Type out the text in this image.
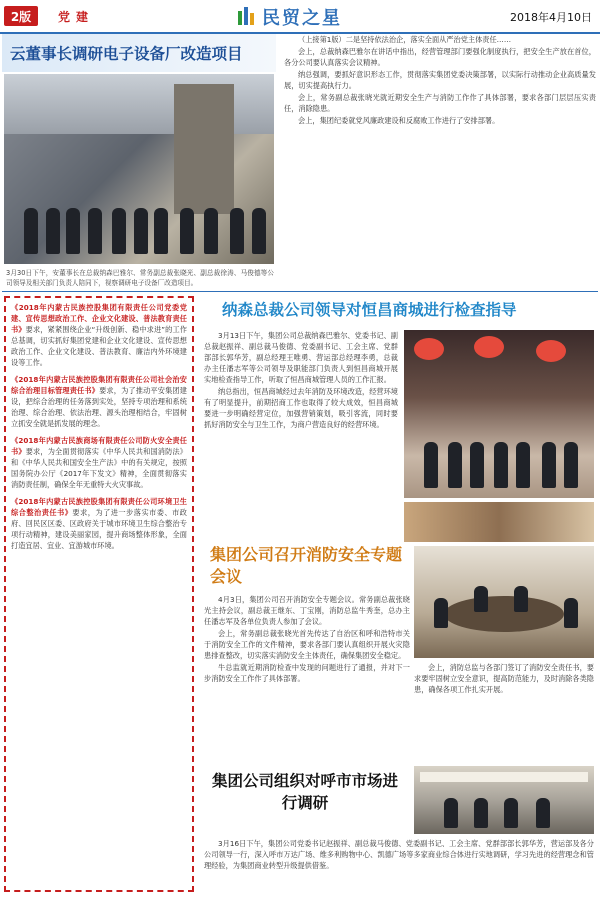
2版	党建	民贸之星	2018年4月10日
云董事长调研电子设备厂改造项目
3月30日下午，安董事长在总裁纳森巴雅尔、常务副总裁张晓光、副总裁徐涛、马俊德等公司领导及相关部门负责人陪同下，视察调研电子设备厂改造项目。

（上接第1版）二是坚持依法治企，落实全面从严治党主体责任……

会上，总裁纳森巴雅尔在讲话中指出，经营管理部门要强化制度执行，把安全生产放在首位，各分公司要认真落实会议精神。

纳总强调，要抓好意识形态工作，贯彻落实集团党委决策部署，以实际行动推动企业高质量发展，切实提高执行力。

会上，常务副总裁张晓光就近期安全生产与消防工作作了具体部署，要求各部门层层压实责任，消除隐患。

会上，集团纪委就党风廉政建设和反腐败工作进行了安排部署。

《2018年内蒙古民族控股集团有限责任公司党委党建、宣传思想政治工作、企业文化建设、普法教育责任书》要求，紧紧围绕企业“升级创新、稳中求进”的工作总基调，切实抓好集团党建和企业文化建设、宣传思想政治工作、企业文化建设、普法教育、廉洁内外环境建设等工作。
《2018年内蒙古民族控股集团有限责任公司社会治安综合治理目标管理责任书》要求，为了推动平安集团建设，把综合治理的任务落到实处，坚持专项治理和系统治理、综合治理、依法治理、源头治理相结合，牢固树立抓安全就是抓发展的理念。
《2018年内蒙古民族商场有限责任公司防火安全责任书》要求，为全面贯彻落实《中华人民共和国消防法》和《中华人民共和国安全生产法》中的有关规定，按照国务院办公厅《2017年下发文》精神，全面贯彻落实消防责任制，确保全年无重特大火灾事故。
《2018年内蒙古民族控股集团有限责任公司环境卫生综合整治责任书》要求，为了进一步落实市委、市政府、回民区区委、区政府关于城市环境卫生综合整治专项行动精神，建设美丽家园，提升商场整体形象，全面打造宜居、宜业、宜游城市环境。
纳森总裁公司领导对恒昌商城进行检查指导

3月13日下午，集团公司总裁纳森巴雅尔、党委书记、副总裁赵振祥、副总裁马俊德、党委副书记、工会主席、党群部部长郭华芳，副总经理王唯勇、营运部总经理李勇，总裁办主任潘志军等公司领导及职能部门负责人到恒昌商城开展实地检查指导工作，听取了恒昌商城管理人员的工作汇报。

纳总指出，恒昌商城经过去年消防及环境改造，经营环境有了明显提升，前期招商工作也取得了较大成效，恒昌商城要进一步明确经营定位，加强营销策划，吸引客流，同时要抓好消防安全与卫生工作，为商户营造良好的经营环境。

集团公司召开消防安全专题会议

4月3日，集团公司召开消防安全专题会议。常务副总裁张晓光主持会议，副总裁王继东、丁宝刚，消防总监牛秀奎，总办主任潘志军及各单位负责人参加了会议。

会上，常务副总裁张晓光首先传达了自治区和呼和浩特市关于消防安全工作的文件精神，要求各部门要认真组织开展火灾隐患排查整改，切实落实消防安全主体责任，确保集团安全稳定。

牛总监就近期消防检查中发现的问题进行了通报，并对下一步消防安全工作作了具体部署。

会上，消防总监与各部门签订了消防安全责任书，要求要牢固树立安全意识，提高防范能力，及时消除各类隐患，确保各项工作扎实开展。

集团公司组织对呼市市场进行调研

3月16日下午，集团公司党委书记赵振祥、副总裁马俊德、党委副书记、工会主席、党群部部长郭华芳，营运部及各分公司领导一行，深入呼市万达广场、维多利购物中心、凯德广场等多家商业综合体进行实地调研，学习先进的经营理念和管理经验，为集团商业转型升级提供借鉴。
